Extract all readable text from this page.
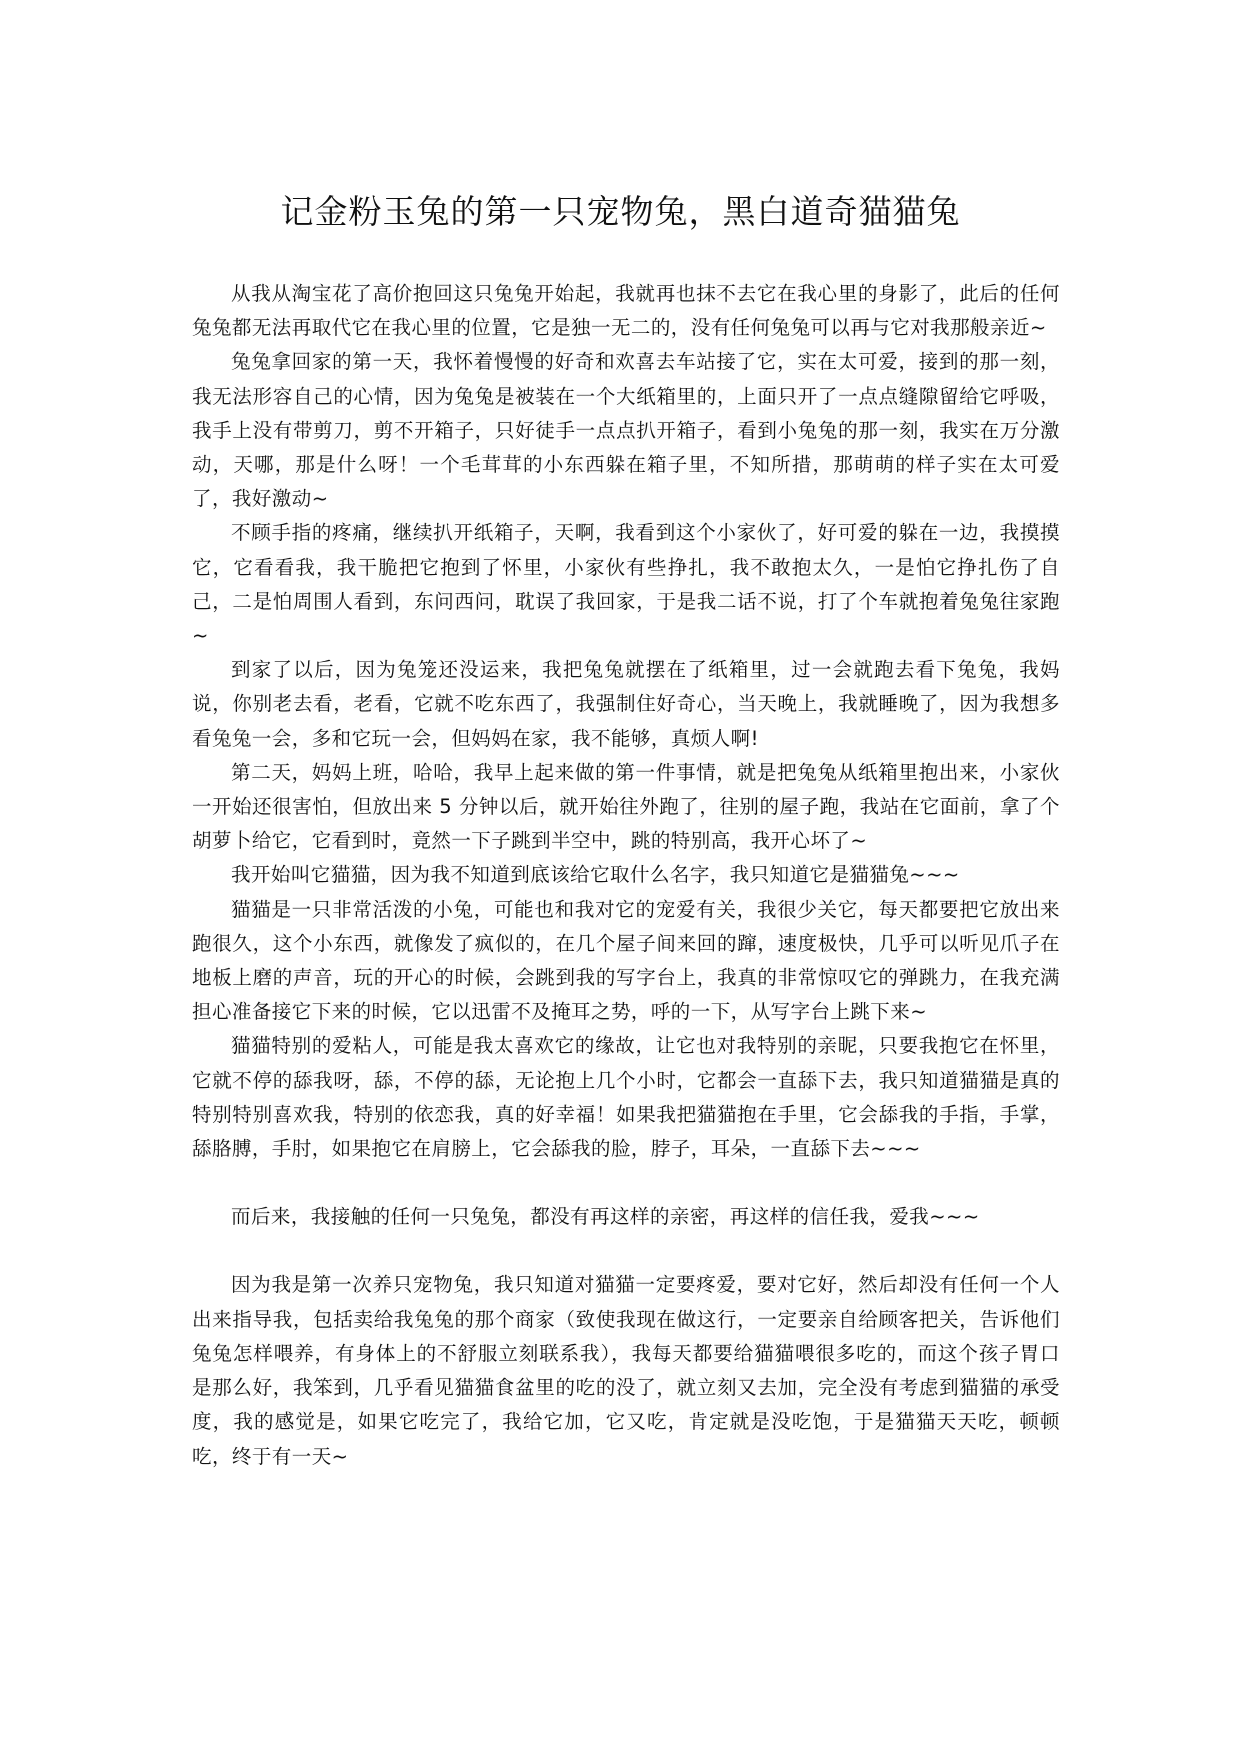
记金粉玉兔的第一只宠物兔，黑白道奇猫猫兔

从我从淘宝花了高价抱回这只兔兔开始起，我就再也抹不去它在我心里的身影了，此后的任何兔兔都无法再取代它在我心里的位置，它是独一无二的，没有任何兔兔可以再与它对我那般亲近~

兔兔拿回家的第一天，我怀着慢慢的好奇和欢喜去车站接了它，实在太可爱，接到的那一刻，我无法形容自己的心情，因为兔兔是被装在一个大纸箱里的，上面只开了一点点缝隙留给它呼吸，我手上没有带剪刀，剪不开箱子，只好徒手一点点扒开箱子，看到小兔兔的那一刻，我实在万分激动，天哪，那是什么呀！一个毛茸茸的小东西躲在箱子里，不知所措，那萌萌的样子实在太可爱了，我好激动~

不顾手指的疼痛，继续扒开纸箱子，天啊，我看到这个小家伙了，好可爱的躲在一边，我摸摸它，它看看我，我干脆把它抱到了怀里，小家伙有些挣扎，我不敢抱太久，一是怕它挣扎伤了自己，二是怕周围人看到，东问西问，耽误了我回家，于是我二话不说，打了个车就抱着兔兔往家跑~

到家了以后，因为兔笼还没运来，我把兔兔就摆在了纸箱里，过一会就跑去看下兔兔，我妈说，你别老去看，老看，它就不吃东西了，我强制住好奇心，当天晚上，我就睡晚了，因为我想多看兔兔一会，多和它玩一会，但妈妈在家，我不能够，真烦人啊!

第二天，妈妈上班，哈哈，我早上起来做的第一件事情，就是把兔兔从纸箱里抱出来，小家伙一开始还很害怕，但放出来 5 分钟以后，就开始往外跑了，往别的屋子跑，我站在它面前，拿了个胡萝卜给它，它看到时，竟然一下子跳到半空中，跳的特别高，我开心坏了~

我开始叫它猫猫，因为我不知道到底该给它取什么名字，我只知道它是猫猫兔~~~

猫猫是一只非常活泼的小兔，可能也和我对它的宠爱有关，我很少关它，每天都要把它放出来跑很久，这个小东西，就像发了疯似的，在几个屋子间来回的蹿，速度极快，几乎可以听见爪子在地板上磨的声音，玩的开心的时候，会跳到我的写字台上，我真的非常惊叹它的弹跳力，在我充满担心准备接它下来的时候，它以迅雷不及掩耳之势，呼的一下，从写字台上跳下来~

猫猫特别的爱粘人，可能是我太喜欢它的缘故，让它也对我特别的亲昵，只要我抱它在怀里，它就不停的舔我呀，舔，不停的舔，无论抱上几个小时，它都会一直舔下去，我只知道猫猫是真的特别特别喜欢我，特别的依恋我，真的好幸福！如果我把猫猫抱在手里，它会舔我的手指，手掌，舔胳膊，手肘，如果抱它在肩膀上，它会舔我的脸，脖子，耳朵，一直舔下去~~~

而后来，我接触的任何一只兔兔，都没有再这样的亲密，再这样的信任我，爱我~~~

因为我是第一次养只宠物兔，我只知道对猫猫一定要疼爱，要对它好，然后却没有任何一个人出来指导我，包括卖给我兔兔的那个商家（致使我现在做这行，一定要亲自给顾客把关，告诉他们兔兔怎样喂养，有身体上的不舒服立刻联系我），我每天都要给猫猫喂很多吃的，而这个孩子胃口是那么好，我笨到，几乎看见猫猫食盆里的吃的没了，就立刻又去加，完全没有考虑到猫猫的承受度，我的感觉是，如果它吃完了，我给它加，它又吃，肯定就是没吃饱，于是猫猫天天吃，顿顿吃，终于有一天~
